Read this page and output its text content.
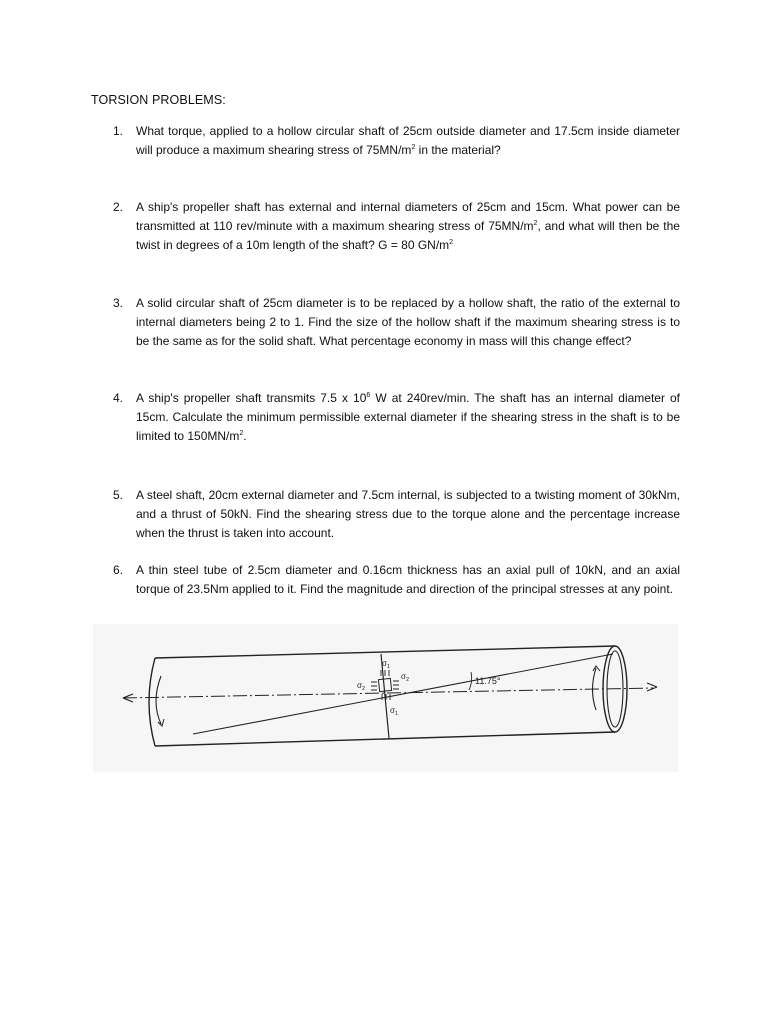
TORSION PROBLEMS:
1.	What torque, applied to a hollow circular shaft of 25cm outside diameter and 17.5cm inside diameter will produce a maximum shearing stress of $75MN/m^2$ in the material?
2.	A ship's propeller shaft has external and internal diameters of 25cm and 15cm. What power can be transmitted at 110 rev/minute with a maximum shearing stress of $75MN/m^2$, and what will then be the twist in degrees of a 10m length of the shaft? G = 80 $GN/m^2$
3.	A solid circular shaft of 25cm diameter is to be replaced by a hollow shaft, the ratio of the external to internal diameters being 2 to 1. Find the size of the hollow shaft if the maximum shearing stress is to be the same as for the solid shaft. What percentage economy in mass will this change effect?
4.	A ship's propeller shaft transmits 7.5 x $10^6$ W at 240rev/min. The shaft has an internal diameter of 15cm. Calculate the minimum permissible external diameter if the shearing stress in the shaft is to be limited to $150MN/m^2$.
5.	A steel shaft, 20cm external diameter and 7.5cm internal, is subjected to a twisting moment of 30kNm, and a thrust of 50kN. Find the shearing stress due to the torque alone and the percentage increase when the thrust is taken into account.
6.	A thin steel tube of 2.5cm diameter and 0.16cm thickness has an axial pull of 10kN, and an axial torque of 23.5Nm applied to it. Find the magnitude and direction of the principal stresses at any point.
$\sigma_1$
$\sigma_1$
$\sigma_2$
$\sigma_2$
11.75°
